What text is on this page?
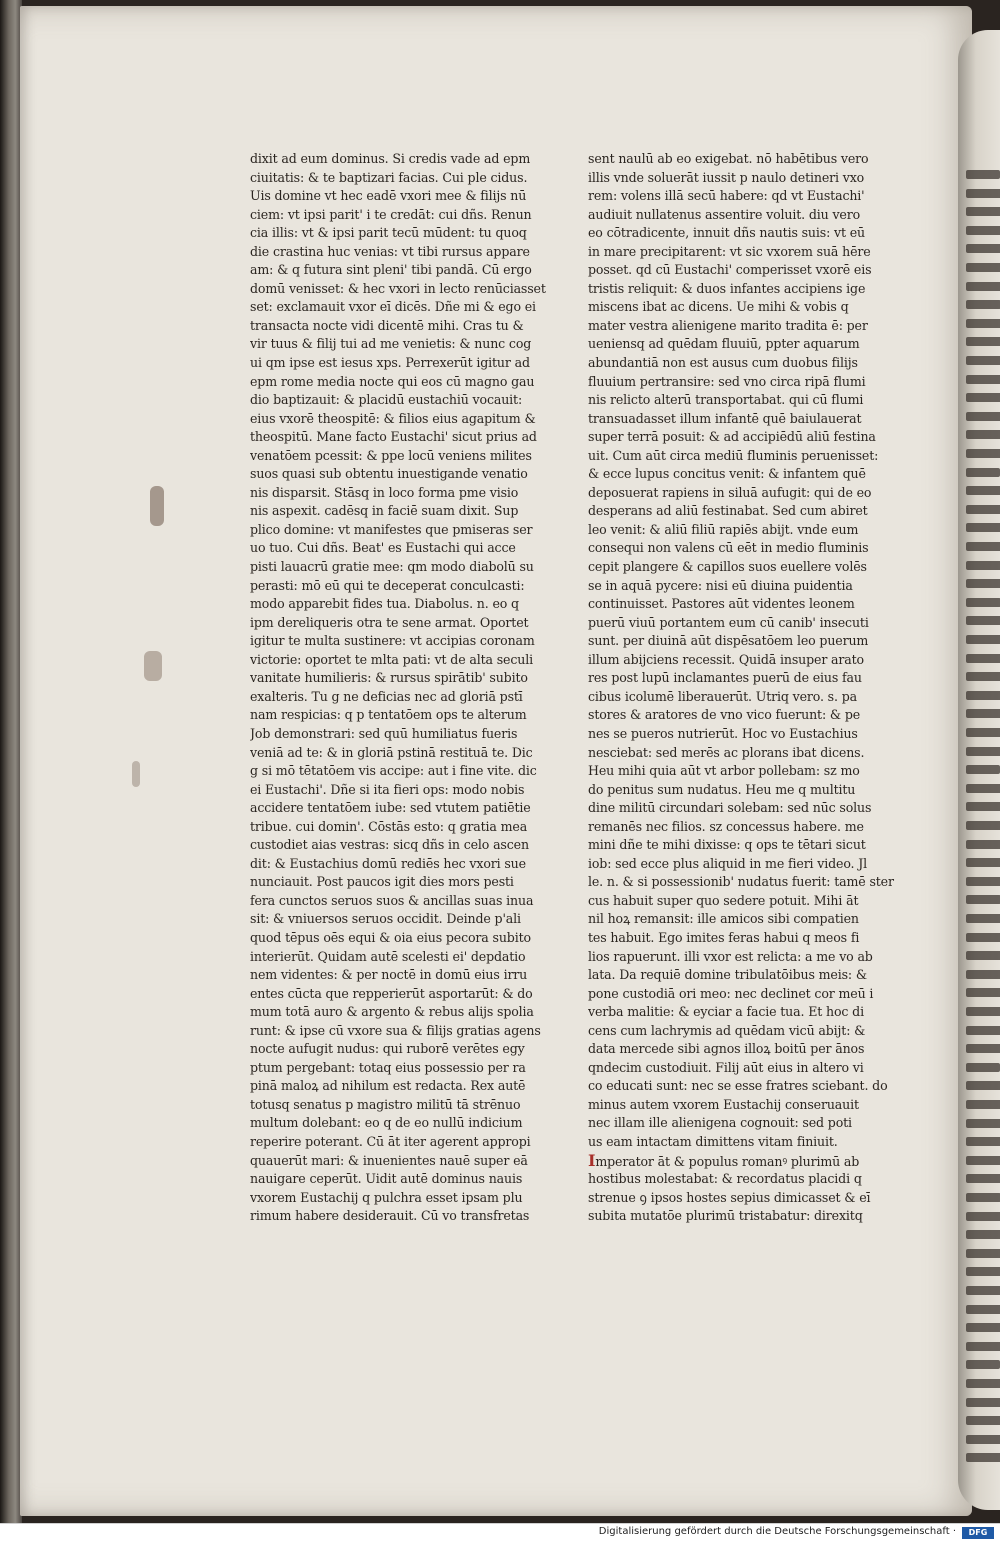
dixit ad eum dominus. Si credis vade ad epm
ciuitatis: & te baptizari facias. Cui ple cidus.
Uis domine vt hec eadē vxori mee & filijs nū
ciem: vt ipsi parit' i te credāt: cui dñs. Renun
cia illis: vt & ipsi parit tecū mūdent: tu quoq
die crastina huc venias: vt tibi rursus appare
am: & q futura sint pleni' tibi pandā. Cū ergo
domū venisset: & hec vxori in lecto renūciasset
set: exclamauit vxor eī dicēs. Dñe mi & ego ei
transacta nocte vidi dicentē mihi. Cras tu &
vir tuus & filij tui ad me venietis: & nunc cog
ui qm ipse est iesus xps. Perrexerūt igitur ad
epm rome media nocte qui eos cū magno gau
dio baptizauit: & placidū eustachiū vocauit:
eius vxorē theospitē: & filios eius agapitum &
theospitū. Mane facto Eustachi' sicut prius ad
venatōem pcessit: & ppe locū veniens milites
suos quasi sub obtentu inuestigande venatio
nis disparsit. Stāsq in loco forma pme visio
nis aspexit. cadēsq in faciē suam dixit. Sup
plico domine: vt manifestes que pmiseras ser
uo tuo. Cui dñs. Beat' es Eustachi qui acce
pisti lauacrū gratie mee: qm modo diabolū su
perasti: mō eū qui te deceperat conculcasti:
modo apparebit fides tua. Diabolus. n. eo q
ipm dereliqueris otra te sene armat. Oportet
igitur te multa sustinere: vt accipias coronam
victorie: oportet te mlta pati: vt de alta seculi
vanitate humilieris: & rursus spirātib' subito
exalteris. Tu g ne deficias nec ad gloriā pstī
nam respicias: q p tentatōem ops te alterum
Job demonstrari: sed quū humiliatus fueris
veniā ad te: & in gloriā pstinā restituā te. Dic
g si mō tētatōem vis accipe: aut i fine vite. dic
ei Eustachi'. Dñe si ita fieri ops: modo nobis
accidere tentatōem iube: sed vtutem patiētie
tribue. cui domin'. Cōstās esto: q gratia mea
custodiet aias vestras: sicq dñs in celo ascen
dit: & Eustachius domū rediēs hec vxori sue
nunciauit. Post paucos igit dies mors pesti
fera cunctos seruos suos & ancillas suas inua
sit: & vniuersos seruos occidit. Deinde p'ali
quod tēpus oēs equi & oia eius pecora subito
interierūt. Quidam autē scelesti ei' depdatio
nem videntes: & per noctē in domū eius irru
entes cūcta que repperierūt asportarūt: & do
mum totā auro & argento & rebus alijs spolia
runt: & ipse cū vxore sua & filijs gratias agens
nocte aufugit nudus: qui ruborē verētes egy
ptum pergebant: totaq eius possessio per ra
pinā maloꝝ ad nihilum est redacta. Rex autē
totusq senatus p magistro militū tā strēnuo
multum dolebant: eo q de eo nullū indicium
reperire poterant. Cū āt iter agerent appropi
quauerūt mari: & inuenientes nauē super eā
nauigare ceperūt. Uidit autē dominus nauis
vxorem Eustachij q pulchra esset ipsam plu
rimum habere desiderauit. Cū vo transfretas
sent naulū ab eo exigebat. nō habētibus vero
illis vnde soluerāt iussit p naulo detineri vxo
rem: volens illā secū habere: qd vt Eustachi'
audiuit nullatenus assentire voluit. diu vero
eo cōtradicente, innuit dñs nautis suis: vt eū
in mare precipitarent: vt sic vxorem suā hēre
posset. qd cū Eustachi' comperisset vxorē eis
tristis reliquit: & duos infantes accipiens ige
miscens ibat ac dicens. Ue mihi & vobis q
mater vestra alienigene marito tradita ē: per
ueniensq ad quēdam fluuiū, ppter aquarum
abundantiā non est ausus cum duobus filijs
fluuium pertransire: sed vno circa ripā flumi
nis relicto alterū transportabat. qui cū flumi
transuadasset illum infantē quē baiulauerat
super terrā posuit: & ad accipiēdū aliū festina
uit. Cum aūt circa mediū fluminis peruenisset:
& ecce lupus concitus venit: & infantem quē
deposuerat rapiens in siluā aufugit: qui de eo
desperans ad aliū festinabat. Sed cum abiret
leo venit: & aliū filiū rapiēs abijt. vnde eum
consequi non valens cū eēt in medio fluminis
cepit plangere & capillos suos euellere volēs
se in aquā pycere: nisi eū diuina puidentia
continuisset. Pastores aūt videntes leonem
puerū viuū portantem eum cū canib' insecuti
sunt. per diuinā aūt dispēsatōem leo puerum
illum abijciens recessit. Quidā insuper arato
res post lupū inclamantes puerū de eius fau
cibus icolumē liberauerūt. Utriq vero. s. pa
stores & aratores de vno vico fuerunt: & pe
nes se pueros nutrierūt. Hoc vo Eustachius
nesciebat: sed merēs ac plorans ibat dicens.
Heu mihi quia aūt vt arbor pollebam: sz mo
do penitus sum nudatus. Heu me q multitu
dine militū circundari solebam: sed nūc solus
remanēs nec filios. sz concessus habere. me
mini dñe te mihi dixisse: q ops te tētari sicut
iob: sed ecce plus aliquid in me fieri video. Jl
le. n. & si possessionib' nudatus fuerit: tamē ster
cus habuit super quo sedere potuit. Mihi āt
nil hoꝝ remansit: ille amicos sibi compatien
tes habuit. Ego imites feras habui q meos fi
lios rapuerunt. illi vxor est relicta: a me vo ab
lata. Da requiē domine tribulatōibus meis: &
pone custodiā ori meo: nec declinet cor meū i
verba malitie: & eyciar a facie tua. Et hoc di
cens cum lachrymis ad quēdam vicū abijt: &
data mercede sibi agnos illoꝝ boitū per ānos
qndecim custodiuit. Filij aūt eius in altero vi
co educati sunt: nec se esse fratres sciebant. do
minus autem vxorem Eustachij conseruauit
nec illam ille alienigena cognouit: sed poti
us eam intactam dimittens vitam finiuit.
Imperator āt & populus romanꝰ plurimū ab
hostibus molestabat: & recordatus placidi q
strenue ꝯ ipsos hostes sepius dimicasset & eī
subita mutatōe plurimū tristabatur: direxitq
Digitalisierung gefördert durch die Deutsche Forschungsgemeinschaft ·	DFG
